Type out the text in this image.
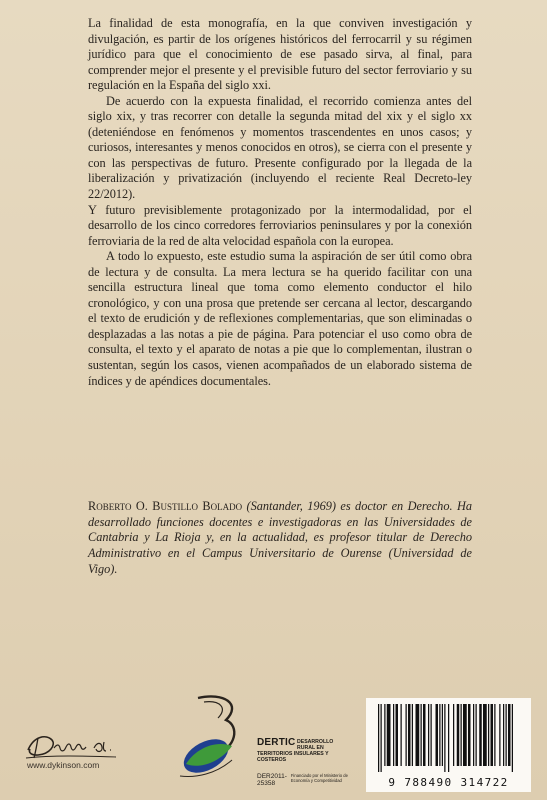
La finalidad de esta monografía, en la que conviven investigación y divulgación, es partir de los orígenes históricos del ferrocarril y su régimen jurídico para que el conocimiento de ese pasado sirva, al final, para comprender mejor el presente y el previsible futuro del sector ferroviario y su regulación en la España del siglo xxi.

De acuerdo con la expuesta finalidad, el recorrido comienza antes del siglo xix, y tras recorrer con detalle la segunda mitad del xix y el siglo xx (deteniéndose en fenómenos y momentos trascendentes en unos casos; y curiosos, interesantes y menos conocidos en otros), se cierra con el presente y con las perspectivas de futuro. Presente configurado por la llegada de la liberalización y privatización (incluyendo el reciente Real Decreto-ley 22/2012).

Y futuro previsiblemente protagonizado por la intermodalidad, por el desarrollo de los cinco corredores ferroviarios peninsulares y por la conexión ferroviaria de la red de alta velocidad española con la europea.

A todo lo expuesto, este estudio suma la aspiración de ser útil como obra de lectura y de consulta. La mera lectura se ha querido facilitar con una sencilla estructura lineal que toma como elemento conductor el hilo cronológico, y con una prosa que pretende ser cercana al lector, descargando el texto de erudición y de reflexiones complementarias, que son eliminadas o desplazadas a las notas a pie de página. Para potenciar el uso como obra de consulta, el texto y el aparato de notas a pie que lo complementan, ilustran o sustentan, según los casos, vienen acompañados de un elaborado sistema de índices y de apéndices documentales.

Roberto O. Bustillo Bolado (Santander, 1969) es doctor en Derecho. Ha desarrollado funciones docentes e investigadoras en las Universidades de Cantabria y La Rioja y, en la actualidad, es profesor titular de Derecho Administrativo en el Campus Universitario de Ourense (Universidad de Vigo).
www.dykinson.com
DERTIC DESARROLLO RURAL EN
TERRITORIOS INSULARES Y COSTEROS
DER2011-25358
Financiado por el Ministerio de Economía y Competitividad	9 788490 314722
